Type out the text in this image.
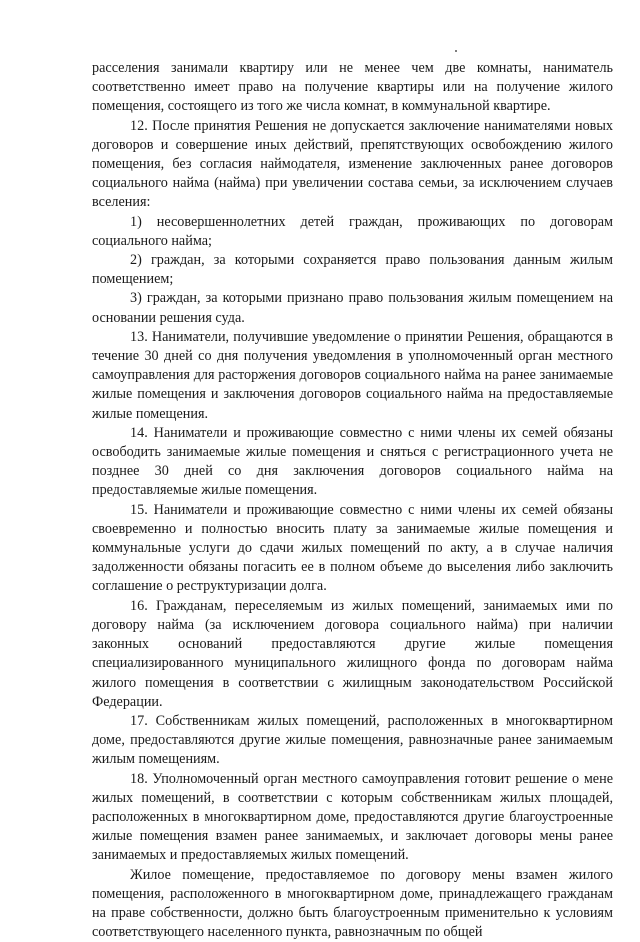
расселения занимали квартиру или не менее чем две комнаты, наниматель соответственно имеет право на получение квартиры или на получение жилого помещения, состоящего из того же числа комнат, в коммунальной квартире.

12. После принятия Решения не допускается заключение нанимателями новых договоров и совершение иных действий, препятствующих освобождению жилого помещения, без согласия наймодателя, изменение заключенных ранее договоров социального найма (найма) при увеличении состава семьи, за исключением случаев вселения:

1) несовершеннолетних детей граждан, проживающих по договорам социального найма;

2) граждан, за которыми сохраняется право пользования данным жилым помещением;

3) граждан, за которыми признано право пользования жилым помещением на основании решения суда.

13. Наниматели, получившие уведомление о принятии Решения, обращаются в течение 30 дней со дня получения уведомления в уполномоченный орган местного самоуправления для расторжения договоров социального найма на ранее занимаемые жилые помещения и заключения договоров социального найма на предоставляемые жилые помещения.

14. Наниматели и проживающие совместно с ними члены их семей обязаны освободить занимаемые жилые помещения и сняться с регистрационного учета не позднее 30 дней со дня заключения договоров социального найма на предоставляемые жилые помещения.

15. Наниматели и проживающие совместно с ними члены их семей обязаны своевременно и полностью вносить плату за занимаемые жилые помещения и коммунальные услуги до сдачи жилых помещений по акту, а в случае наличия задолженности обязаны погасить ее в полном объеме до выселения либо заключить соглашение о реструктуризации долга.

16. Гражданам, переселяемым из жилых помещений, занимаемых ими по договору найма (за исключением договора социального найма) при наличии законных оснований предоставляются другие жилые помещения специализированного муниципального жилищного фонда по договорам найма жилого помещения в соответствии с жилищным законодательством Российской Федерации.

17. Собственникам жилых помещений, расположенных в многоквартирном доме, предоставляются другие жилые помещения, равнозначные ранее занимаемым жилым помещениям.

18. Уполномоченный орган местного самоуправления готовит решение о мене жилых помещений, в соответствии с которым собственникам жилых площадей, расположенных в многоквартирном доме, предоставляются другие благоустроенные жилые помещения взамен ранее занимаемых, и заключает договоры мены ранее занимаемых и предоставляемых жилых помещений.

Жилое помещение, предоставляемое по договору мены взамен жилого помещения, расположенного в многоквартирном доме, принадлежащего гражданам на праве собственности, должно быть благоустроенным применительно к условиям соответствующего населенного пункта, равнозначным по общей
